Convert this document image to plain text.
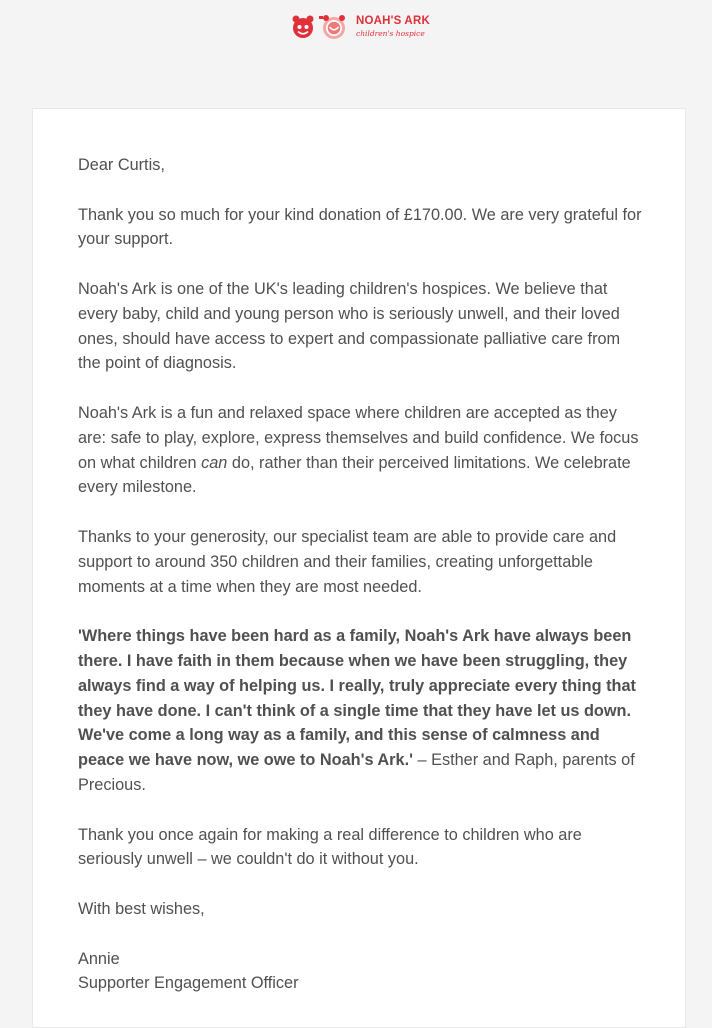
NOAH'S ARK
children's hospice

Dear Curtis,

Thank you so much for your kind donation of £170.00. We are very grateful for your support.

Noah's Ark is one of the UK's leading children's hospices. We believe that every baby, child and young person who is seriously unwell, and their loved ones, should have access to expert and compassionate palliative care from the point of diagnosis.

Noah's Ark is a fun and relaxed space where children are accepted as they are: safe to play, explore, express themselves and build confidence. We focus on what children can do, rather than their perceived limitations. We celebrate every milestone.

Thanks to your generosity, our specialist team are able to provide care and support to around 350 children and their families, creating unforgettable moments at a time when they are most needed.

'Where things have been hard as a family, Noah's Ark have always been there. I have faith in them because when we have been struggling, they always find a way of helping us. I really, truly appreciate every thing that they have done. I can't think of a single time that they have let us down. We've come a long way as a family, and this sense of calmness and peace we have now, we owe to Noah's Ark.' – Esther and Raph, parents of Precious.

Thank you once again for making a real difference to children who are seriously unwell – we couldn't do it without you.

With best wishes,

Annie

Supporter Engagement Officer
